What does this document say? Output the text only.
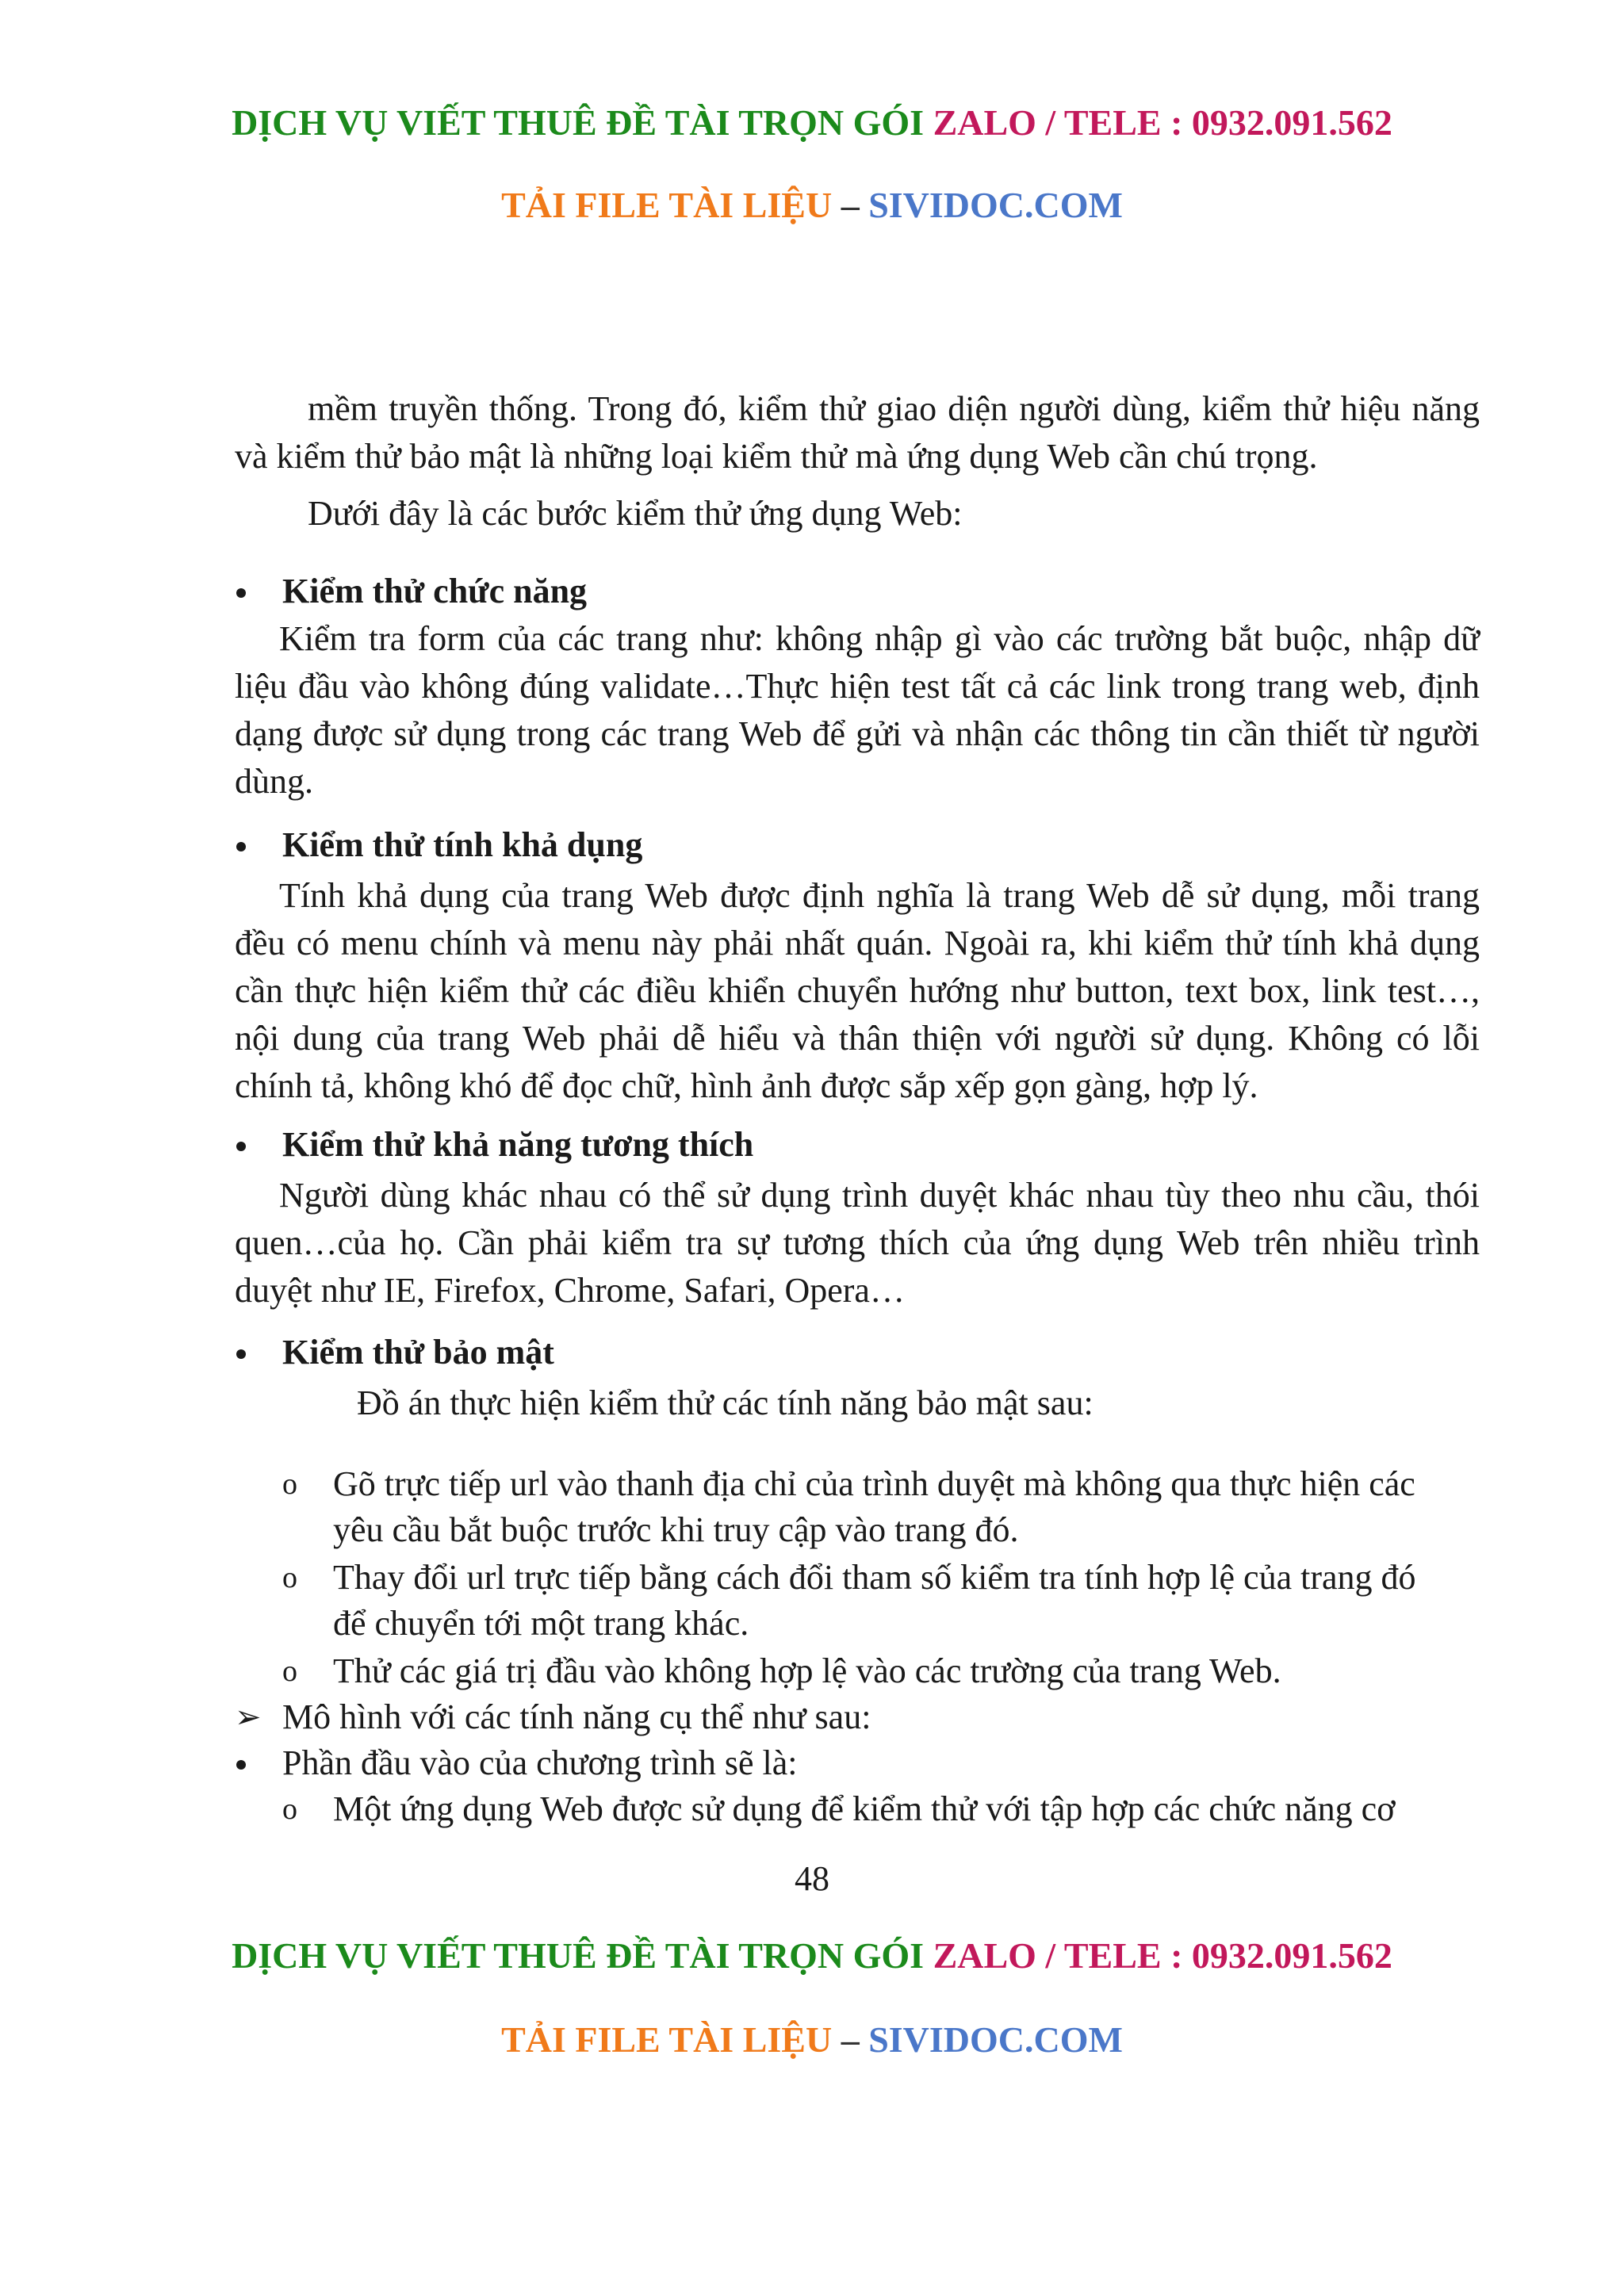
DỊCH VỤ VIẾT THUÊ ĐỀ TÀI TRỌN GÓI ZALO / TELE : 0932.091.562
TẢI FILE TÀI LIỆU – SIVIDOC.COM
mềm truyền thống. Trong đó, kiểm thử giao diện người dùng, kiểm thử hiệu năng
và kiểm thử bảo mật là những loại kiểm thử mà ứng dụng Web cần chú trọng.
Dưới đây là các bước kiểm thử ứng dụng Web:
Kiểm thử chức năng
Kiểm tra form của các trang như: không nhập gì vào các trường bắt buộc, nhập dữ
liệu đầu vào không đúng validate…Thực hiện test tất cả các link trong trang web, định
dạng được sử dụng trong các trang Web để gửi và nhận các thông tin cần thiết từ người
dùng.
Kiểm thử tính khả dụng
Tính khả dụng của trang Web được định nghĩa là trang Web dễ sử dụng, mỗi trang
đều có menu chính và menu này phải nhất quán. Ngoài ra, khi kiểm thử tính khả dụng
cần thực hiện kiểm thử các điều khiển chuyển hướng như button, text box, link test…,
nội dung của trang Web phải dễ hiểu và thân thiện với người sử dụng. Không có lỗi
chính tả, không khó để đọc chữ, hình ảnh được sắp xếp gọn gàng, hợp lý.
Kiểm thử khả năng tương thích
Người dùng khác nhau có thể sử dụng trình duyệt khác nhau tùy theo nhu cầu, thói
quen…của họ. Cần phải kiểm tra sự tương thích của ứng dụng Web trên nhiều trình
duyệt như IE, Firefox, Chrome, Safari, Opera…
Kiểm thử bảo mật
Đồ án thực hiện kiểm thử các tính năng bảo mật sau:
o Gõ trực tiếp url vào thanh địa chỉ của trình duyệt mà không qua thực hiện các
yêu cầu bắt buộc trước khi truy cập vào trang đó.
o Thay đổi url trực tiếp bằng cách đổi tham số kiểm tra tính hợp lệ của trang đó
để chuyển tới một trang khác.
o Thử các giá trị đầu vào không hợp lệ vào các trường của trang Web.
➢ Mô hình với các tính năng cụ thể như sau:
Phần đầu vào của chương trình sẽ là:
o Một ứng dụng Web được sử dụng để kiểm thử với tập hợp các chức năng cơ
48
DỊCH VỤ VIẾT THUÊ ĐỀ TÀI TRỌN GÓI ZALO / TELE : 0932.091.562
TẢI FILE TÀI LIỆU – SIVIDOC.COM
